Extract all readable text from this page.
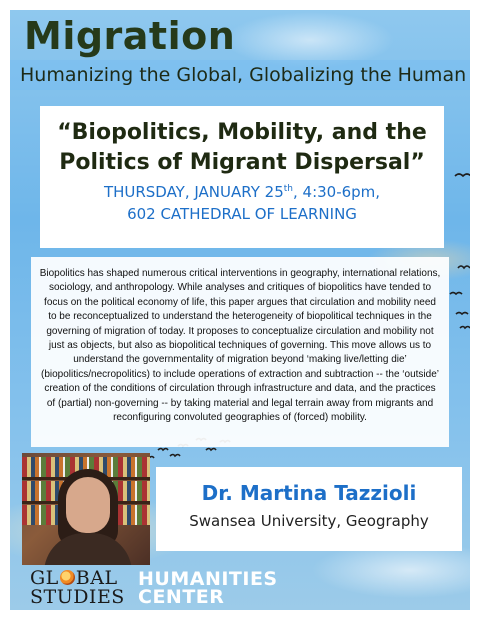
Migration
Humanizing the Global, Globalizing the Human
“Biopolitics, Mobility, and the
Politics of Migrant Dispersal”
THURSDAY, JANUARY 25th, 4:30-6pm,
602 CATHEDRAL OF LEARNING

Biopolitics has shaped numerous critical interventions in geography, international relations, sociology, and anthropology. While analyses and critiques of biopolitics have tended to focus on the political economy of life, this paper argues that circulation and mobility need to be reconceptualized to understand the heterogeneity of biopolitical techniques in the governing of migration of today. It proposes to conceptualize circulation and mobility not just as objects, but also as biopolitical techniques of governing. This move allows us to understand the governmentality of migration beyond ‘making live/letting die’ (biopolitics/necropolitics) to include operations of extraction and subtraction -- the ‘outside’ creation of the conditions of circulation through infrastructure and data, and the practices of (partial) non-governing -- by taking material and legal terrain away from migrants and reconfiguring convoluted geographies of (forced) mobility.

Dr. Martina Tazzioli
Swansea University, Geography
GL BAL
STUDIES
HUMANITIES
CENTER
